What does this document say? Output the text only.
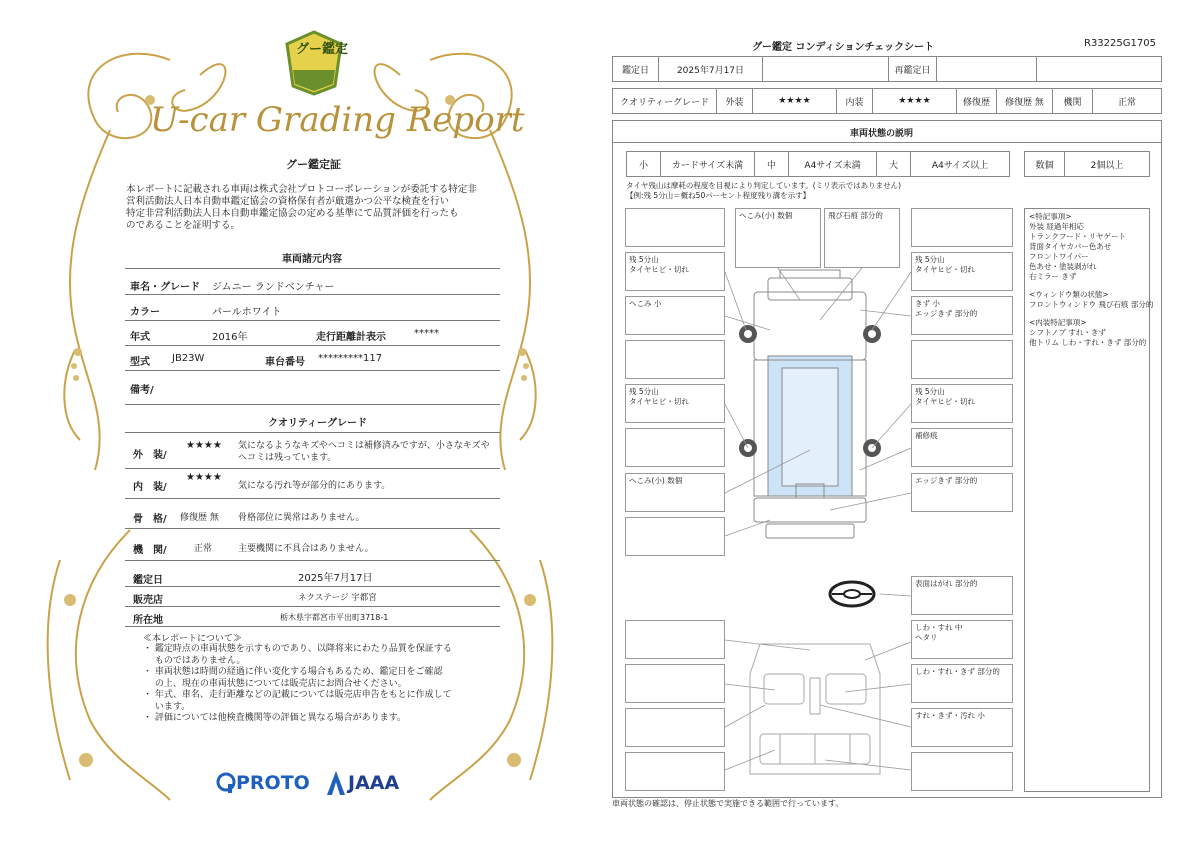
グー鑑定
U-car Grading Report
グー鑑定証
本レポートに記載される車両は株式会社プロトコーポレーションが委託する特定非
営利活動法人日本自動車鑑定協会の資格保有者が厳選かつ公平な検査を行い
特定非営利活動法人日本自動車鑑定協会の定める基準にて品質評価を行ったも
のであることを証明する。
車両諸元内容
車名・グレード ジムニー ランドベンチャー
カラー	パールホワイト
年式	2016年	走行距離計表示	*****
型式 JB23W	車台番号 *********117
備考/
クオリティーグレード
外　装/
★★★★ 気になるようなキズやヘコミは補修済みですが、小さなキズや
ヘコミは残っています。
内　装/
★★★★
気になる汚れ等が部分的にあります。
骨　格/ 修復歴 無 骨格部位に異常はありません。
機　関/	正常	主要機関に不具合はありません。
鑑定日	2025年7月17日
販売店	ネクステージ 宇都宮
所在地	栃木県宇都宮市平出町3718-1
≪本レポートについて≫
・ 鑑定時点の車両状態を示すものであり、以降将来にわたり品質を保証する
　 ものではありません。
・ 車両状態は時間の経過に伴い変化する場合もあるため、鑑定日をご確認
　 の上、現在の車両状態については販売店にお問合せください。
・ 年式、車名、走行距離などの記載については販売店申告をもとに作成して
　 います。
・ 評価については他検査機関等の評価と異なる場合があります。
PROTO JAAA
グー鑑定 コンディションチェックシート	R33225G1705
鑑定日	2025年7月17日	再鑑定日
クオリティーグレード	外装	★★★★	内装	★★★★	修復歴	修復歴 無	機関	正常
車両状態の説明
小	カードサイズ未満	中	A4サイズ未満	大	A4サイズ以上	数個	2個以上
タイヤ残山は摩耗の程度を目視により判定しています。(ミリ表示ではありません)
【例:残 5分山＝概ね50パーセント程度残り溝を示す】
へこみ(小) 数個	飛び石痕 部分的
残 5分山
タイヤヒビ・切れ
残 5分山
タイヤヒビ・切れ
へこみ 小	きず 小
エッジきず 部分的
残 5分山
タイヤヒビ・切れ
残 5分山
タイヤヒビ・切れ
補修痕
へこみ(小) 数個	エッジきず 部分的
表面はがれ 部分的
しわ・すれ 中
ヘタリ
しわ・すれ・きず 部分的
すれ・きず・汚れ 小
<特記事項>
外装 経過年相応
トランクフード・リヤゲート
背面タイヤカバー色あせ
フロントワイパー
色あせ・塗装剥がれ
右ミラー きず
<ウィンドウ類の状態>
フロントウィンドウ 飛び石痕 部分的
<内装特記事項>
シフトノブ すれ・きず
他トリム しわ・すれ・きず 部分的
車両状態の確認は、停止状態で実施できる範囲で行っています。
